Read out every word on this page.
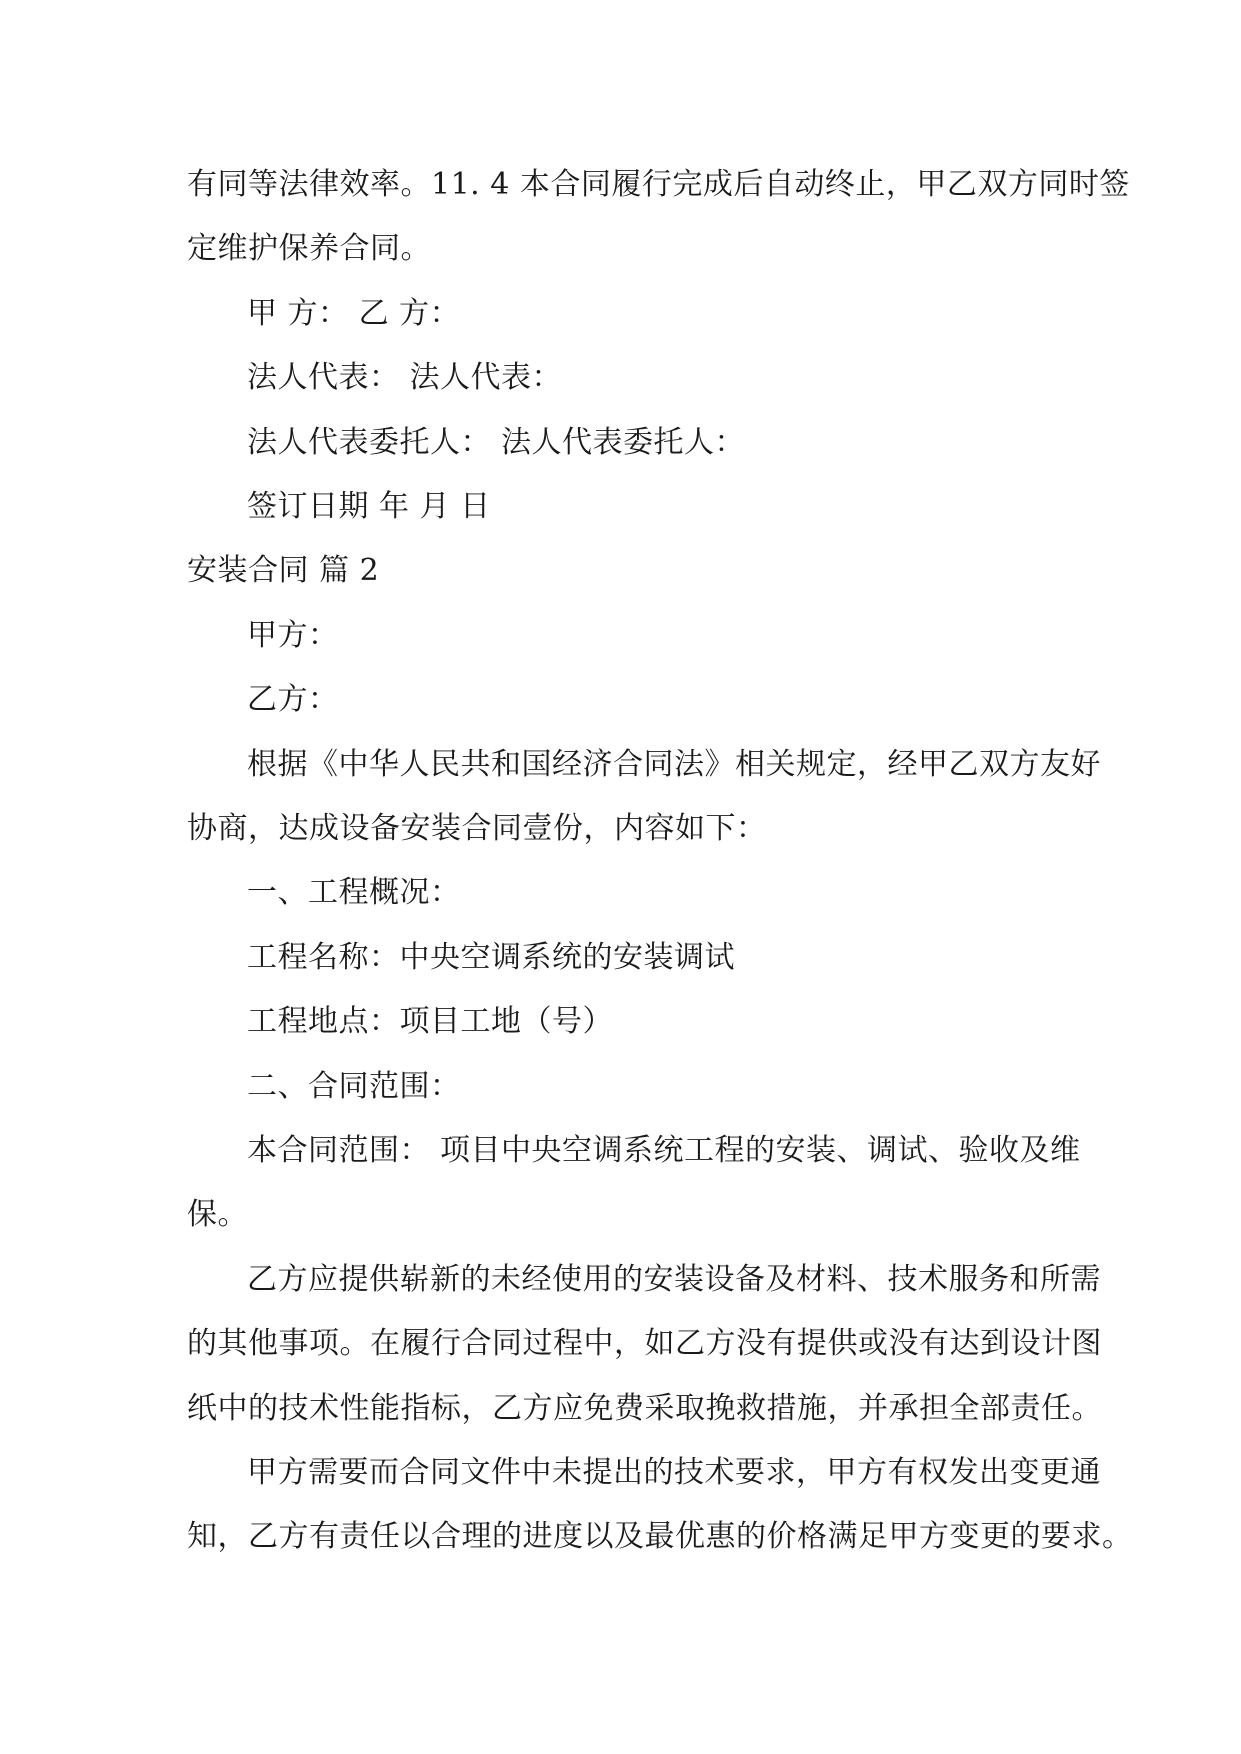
有同等法律效率。11. 4 本合同履行完成后自动终止，甲乙双方同时签
定维护保养合同。
甲 方： 乙 方：
法人代表： 法人代表：
法人代表委托人： 法人代表委托人：
签订日期 年 月 日
安装合同 篇 2
甲方：
乙方：
根据《中华人民共和国经济合同法》相关规定，经甲乙双方友好
协商，达成设备安装合同壹份，内容如下：
一、工程概况：
工程名称：中央空调系统的安装调试
工程地点：项目工地（号）
二、合同范围：
本合同范围： 项目中央空调系统工程的安装、调试、验收及维
保。
乙方应提供崭新的未经使用的安装设备及材料、技术服务和所需
的其他事项。在履行合同过程中，如乙方没有提供或没有达到设计图
纸中的技术性能指标，乙方应免费采取挽救措施，并承担全部责任。
甲方需要而合同文件中未提出的技术要求，甲方有权发出变更通
知，乙方有责任以合理的进度以及最优惠的价格满足甲方变更的要求。
